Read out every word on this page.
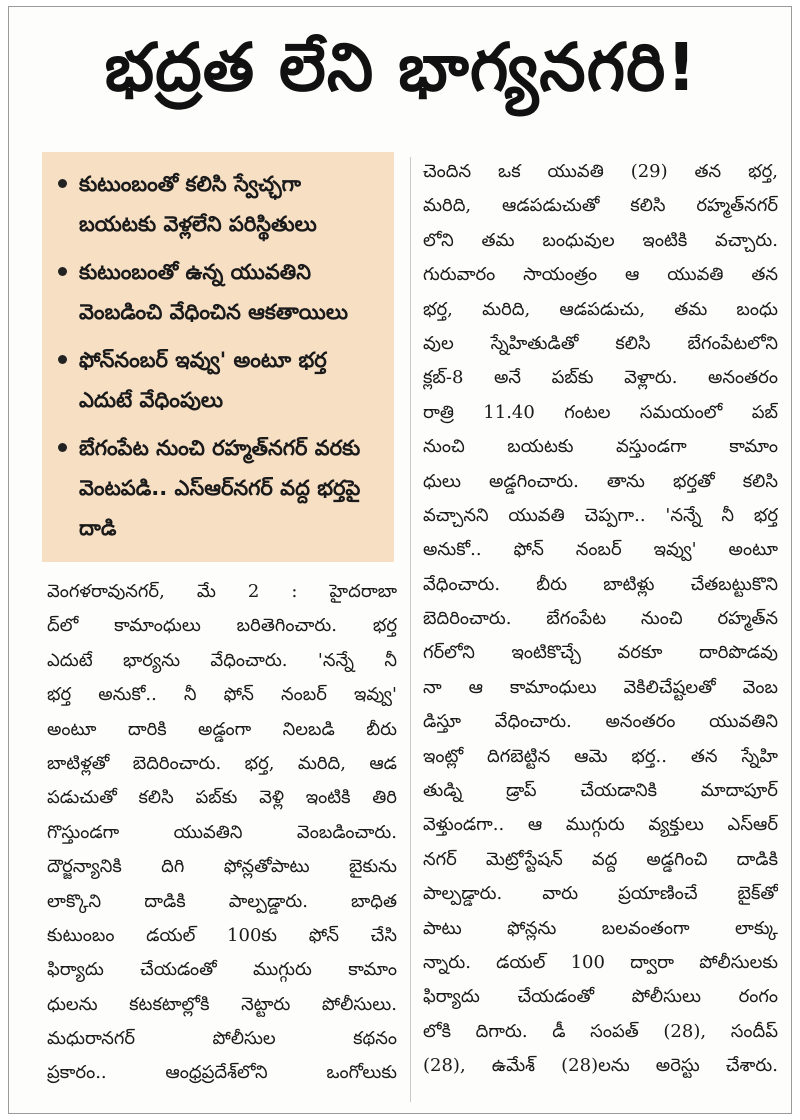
భద్రత లేని భాగ్యనగరి!
కుటుంబంతో కలిసి స్వేచ్ఛగా బయటకు వెళ్లలేని పరిస్థితులు
కుటుంబంతో ఉన్న యువతిని వెంబడించి వేధించిన ఆకతాయిలు
ఫోన్‌నంబర్‌ ఇవ్వు' అంటూ భర్త ఎదుటే వేధింపులు
బేగంపేట నుంచి రహ్మత్‌నగర్‌ వరకు వెంటపడి.. ఎస్‌ఆర్‌నగర్‌ వద్ద భర్తపై దాడి
వెంగళరావునగర్‌, మే 2 : హైదరాబా
ద్‌లో కామాంధులు బరితెగించారు. భర్త
ఎదుటే భార్యను వేధించారు. 'నన్నే నీ
భర్త అనుకో.. నీ ఫోన్‌ నంబర్‌ ఇవ్వు'
అంటూ దారికి అడ్డంగా నిలబడి బీరు
బాటిళ్లతో బెదిరించారు. భర్త, మరిది, ఆడ
పడుచుతో కలిసి పబ్‌కు వెళ్లి ఇంటికి తిరి
గొస్తుండగా యువతిని వెంబడించారు.
దౌర్జన్యానికి దిగి ఫోన్లతోపాటు బైకును
లాక్కొని దాడికి పాల్పడ్డారు. బాధిత
కుటుంబం డయల్‌ 100కు ఫోన్‌ చేసి
ఫిర్యాదు చేయడంతో ముగ్గురు కామాం
ధులను కటకటాల్లోకి నెట్టారు పోలీసులు.
మధురానగర్‌ పోలీసుల కథనం
ప్రకారం.. ఆంధ్రప్రదేశ్‌లోని ఒంగోలుకు
చెందిన ఒక యువతి (29) తన భర్త,
మరిది, ఆడపడుచుతో కలిసి రహ్మత్‌నగర్‌
లోని తమ బంధువుల ఇంటికి వచ్చారు.
గురువారం సాయంత్రం ఆ యువతి తన
భర్త, మరిది, ఆడపడుచు, తమ బంధు
వుల స్నేహితుడితో కలిసి బేగంపేటలోని
క్లబ్‌-8 అనే పబ్‌కు వెళ్లారు. అనంతరం
రాత్రి 11.40 గంటల సమయంలో పబ్‌
నుంచి బయటకు వస్తుండగా కామాం
ధులు అడ్డగించారు. తాను భర్తతో కలిసి
వచ్చానని యువతి చెప్పగా.. 'నన్నే నీ భర్త
అనుకో.. ఫోన్‌ నంబర్‌ ఇవ్వు' అంటూ
వేధించారు. బీరు బాటిళ్లు చేతబట్టుకొని
బెదిరించారు. బేగంపేట నుంచి రహ్మత్‌న
గర్‌లోని ఇంటికొచ్చే వరకూ దారిపొడవు
నా ఆ కామాంధులు వెకిలిచేష్టలతో వెంబ
డిస్తూ వేధించారు. అనంతరం యువతిని
ఇంట్లో దిగబెట్టిన ఆమె భర్త.. తన స్నేహి
తుడ్ని డ్రాప్‌ చేయడానికి మాదాపూర్‌
వెళ్తుండగా.. ఆ ముగ్గురు వ్యక్తులు ఎస్‌ఆర్‌
నగర్‌ మెట్రోస్టేషన్‌ వద్ద అడ్డగించి దాడికి
పాల్పడ్డారు. వారు ప్రయాణించే బైక్‌తో
పాటు ఫోన్లను బలవంతంగా లాక్కు
న్నారు. డయల్‌ 100 ద్వారా పోలీసులకు
ఫిర్యాదు చేయడంతో పోలీసులు రంగం
లోకి దిగారు. డీ సంపత్‌ (28), సందీప్‌
(28), ఉమేశ్‌ (28)లను అరెస్టు చేశారు.
